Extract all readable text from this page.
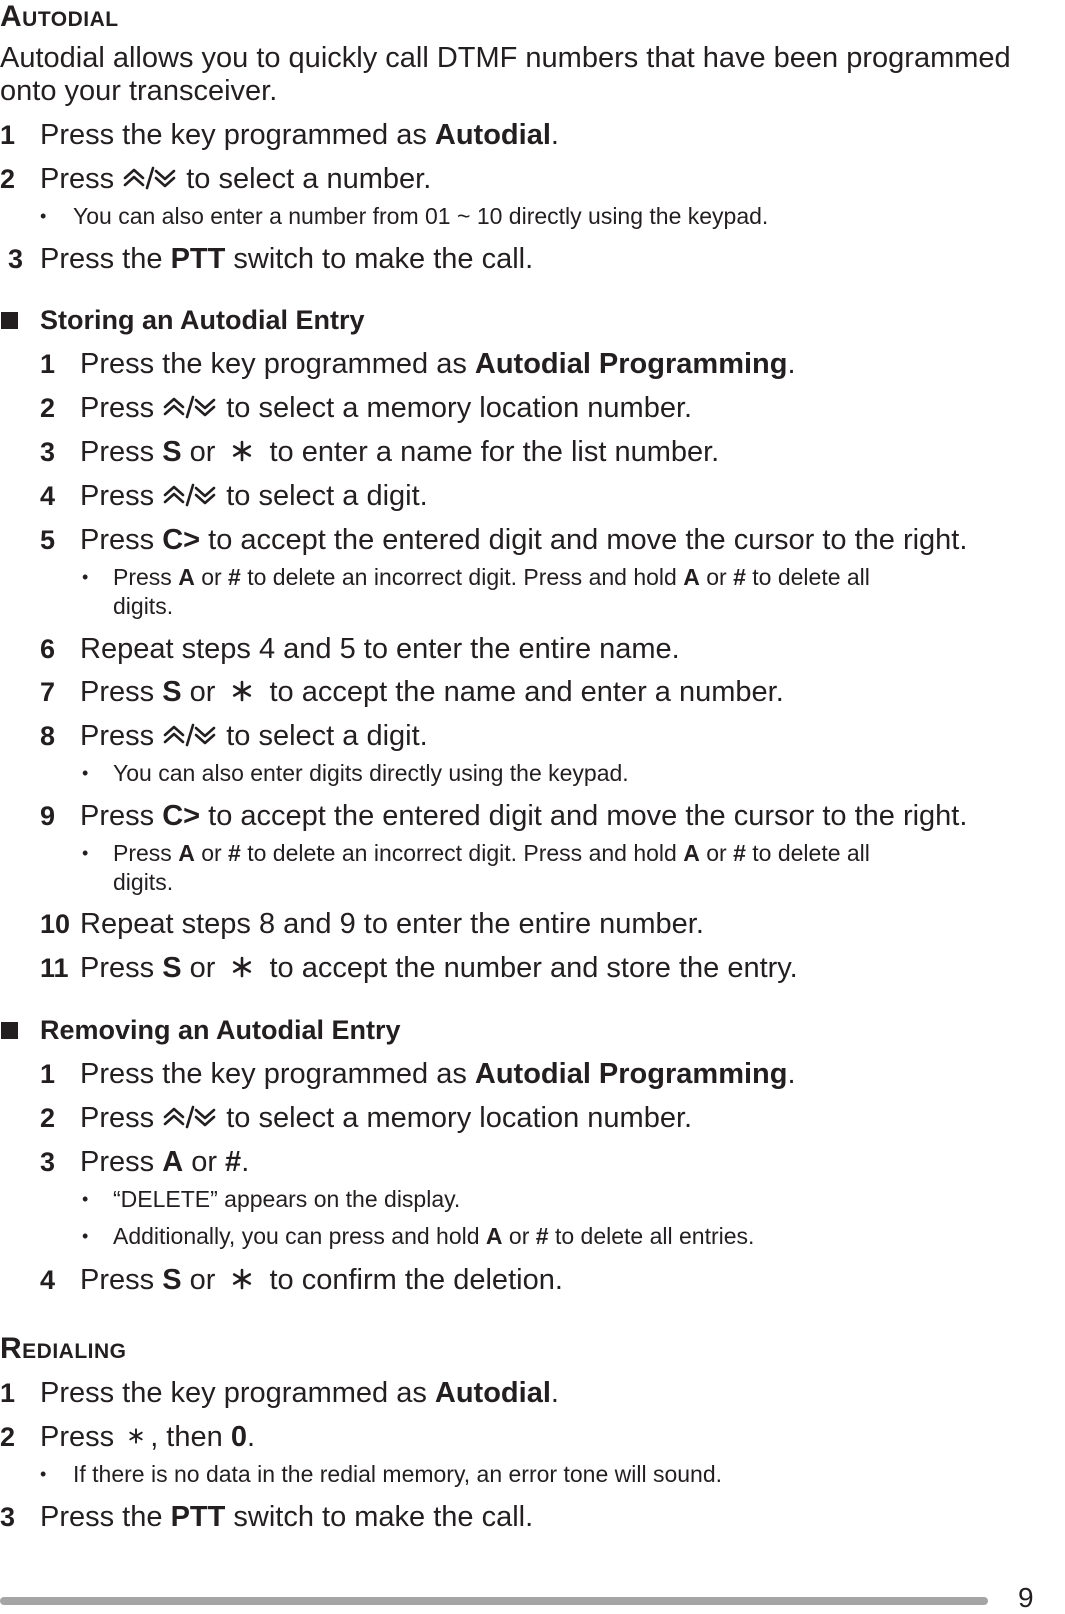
Autodial
Autodial allows you to quickly call DTMF numbers that have been programmed
onto your transceiver.
1 Press the key programmed as Autodial.
2 Press  to select a number.
• You can also enter a number from 01 ~ 10 directly using the keypad.
3 Press the PTT switch to make the call.
Storing an Autodial Entry
1 Press the key programmed as Autodial Programming.
2 Press  to select a memory location number.
3 Press S or  to enter a name for the list number.
4 Press  to select a digit.
5 Press C> to accept the entered digit and move the cursor to the right.
• Press A or # to delete an incorrect digit. Press and hold A or # to delete all
digits.
6 Repeat steps 4 and 5 to enter the entire name.
7 Press S or  to accept the name and enter a number.
8 Press  to select a digit.
• You can also enter digits directly using the keypad.
9 Press C> to accept the entered digit and move the cursor to the right.
• Press A or # to delete an incorrect digit. Press and hold A or # to delete all
digits.
10 Repeat steps 8 and 9 to enter the entire number.
11 Press S or  to accept the number and store the entry.
Removing an Autodial Entry
1 Press the key programmed as Autodial Programming.
2 Press  to select a memory location number.
3 Press A or #.
• “DELETE” appears on the display.
• Additionally, you can press and hold A or # to delete all entries.
4 Press S or  to confirm the deletion.
Redialing
1 Press the key programmed as Autodial.
2 Press , then 0.
• If there is no data in the redial memory, an error tone will sound.
3 Press the PTT switch to make the call.
9
